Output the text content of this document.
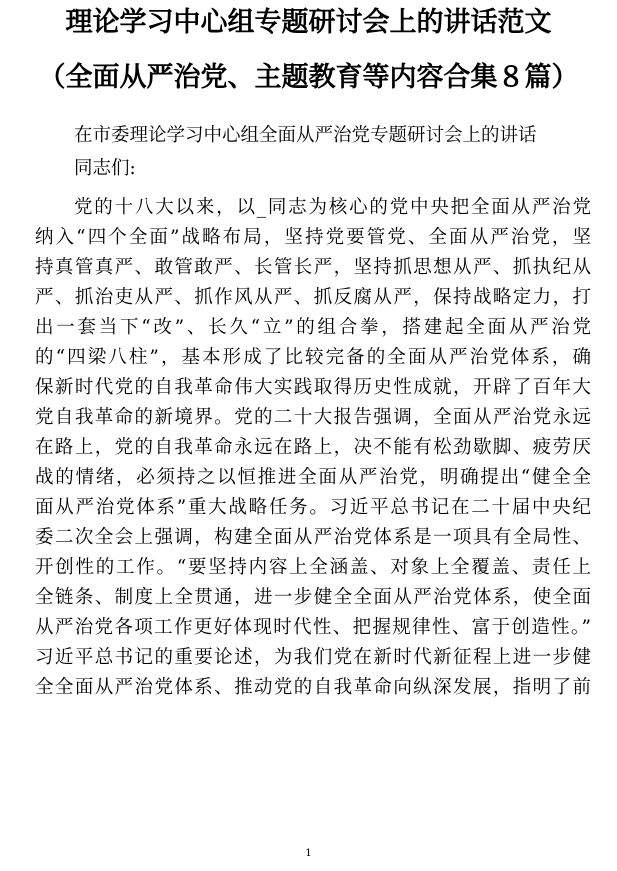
理论学习中心组专题研讨会上的讲话范文
（全面从严治党、主题教育等内容合集８篇）
在市委理论学习中心组全面从严治党专题研讨会上的讲话
同志们:
党的十八大以来，以_同志为核心的党中央把全面从严治党
纳入“四个全面”战略布局，坚持党要管党、全面从严治党，坚
持真管真严、敢管敢严、长管长严，坚持抓思想从严、抓执纪从
严、抓治吏从严、抓作风从严、抓反腐从严，保持战略定力，打
出一套当下“改”、长久“立”的组合拳，搭建起全面从严治党
的“四梁八柱”，基本形成了比较完备的全面从严治党体系，确
保新时代党的自我革命伟大实践取得历史性成就，开辟了百年大
党自我革命的新境界。党的二十大报告强调，全面从严治党永远
在路上，党的自我革命永远在路上，决不能有松劲歇脚、疲劳厌
战的情绪，必须持之以恒推进全面从严治党，明确提出“健全全
面从严治党体系”重大战略任务。习近平总书记在二十届中央纪
委二次全会上强调，构建全面从严治党体系是一项具有全局性、
开创性的工作。“要坚持内容上全涵盖、对象上全覆盖、责任上
全链条、制度上全贯通，进一步健全全面从严治党体系，使全面
从严治党各项工作更好体现时代性、把握规律性、富于创造性。”
习近平总书记的重要论述，为我们党在新时代新征程上进一步健
全全面从严治党体系、推动党的自我革命向纵深发展，指明了前
1
